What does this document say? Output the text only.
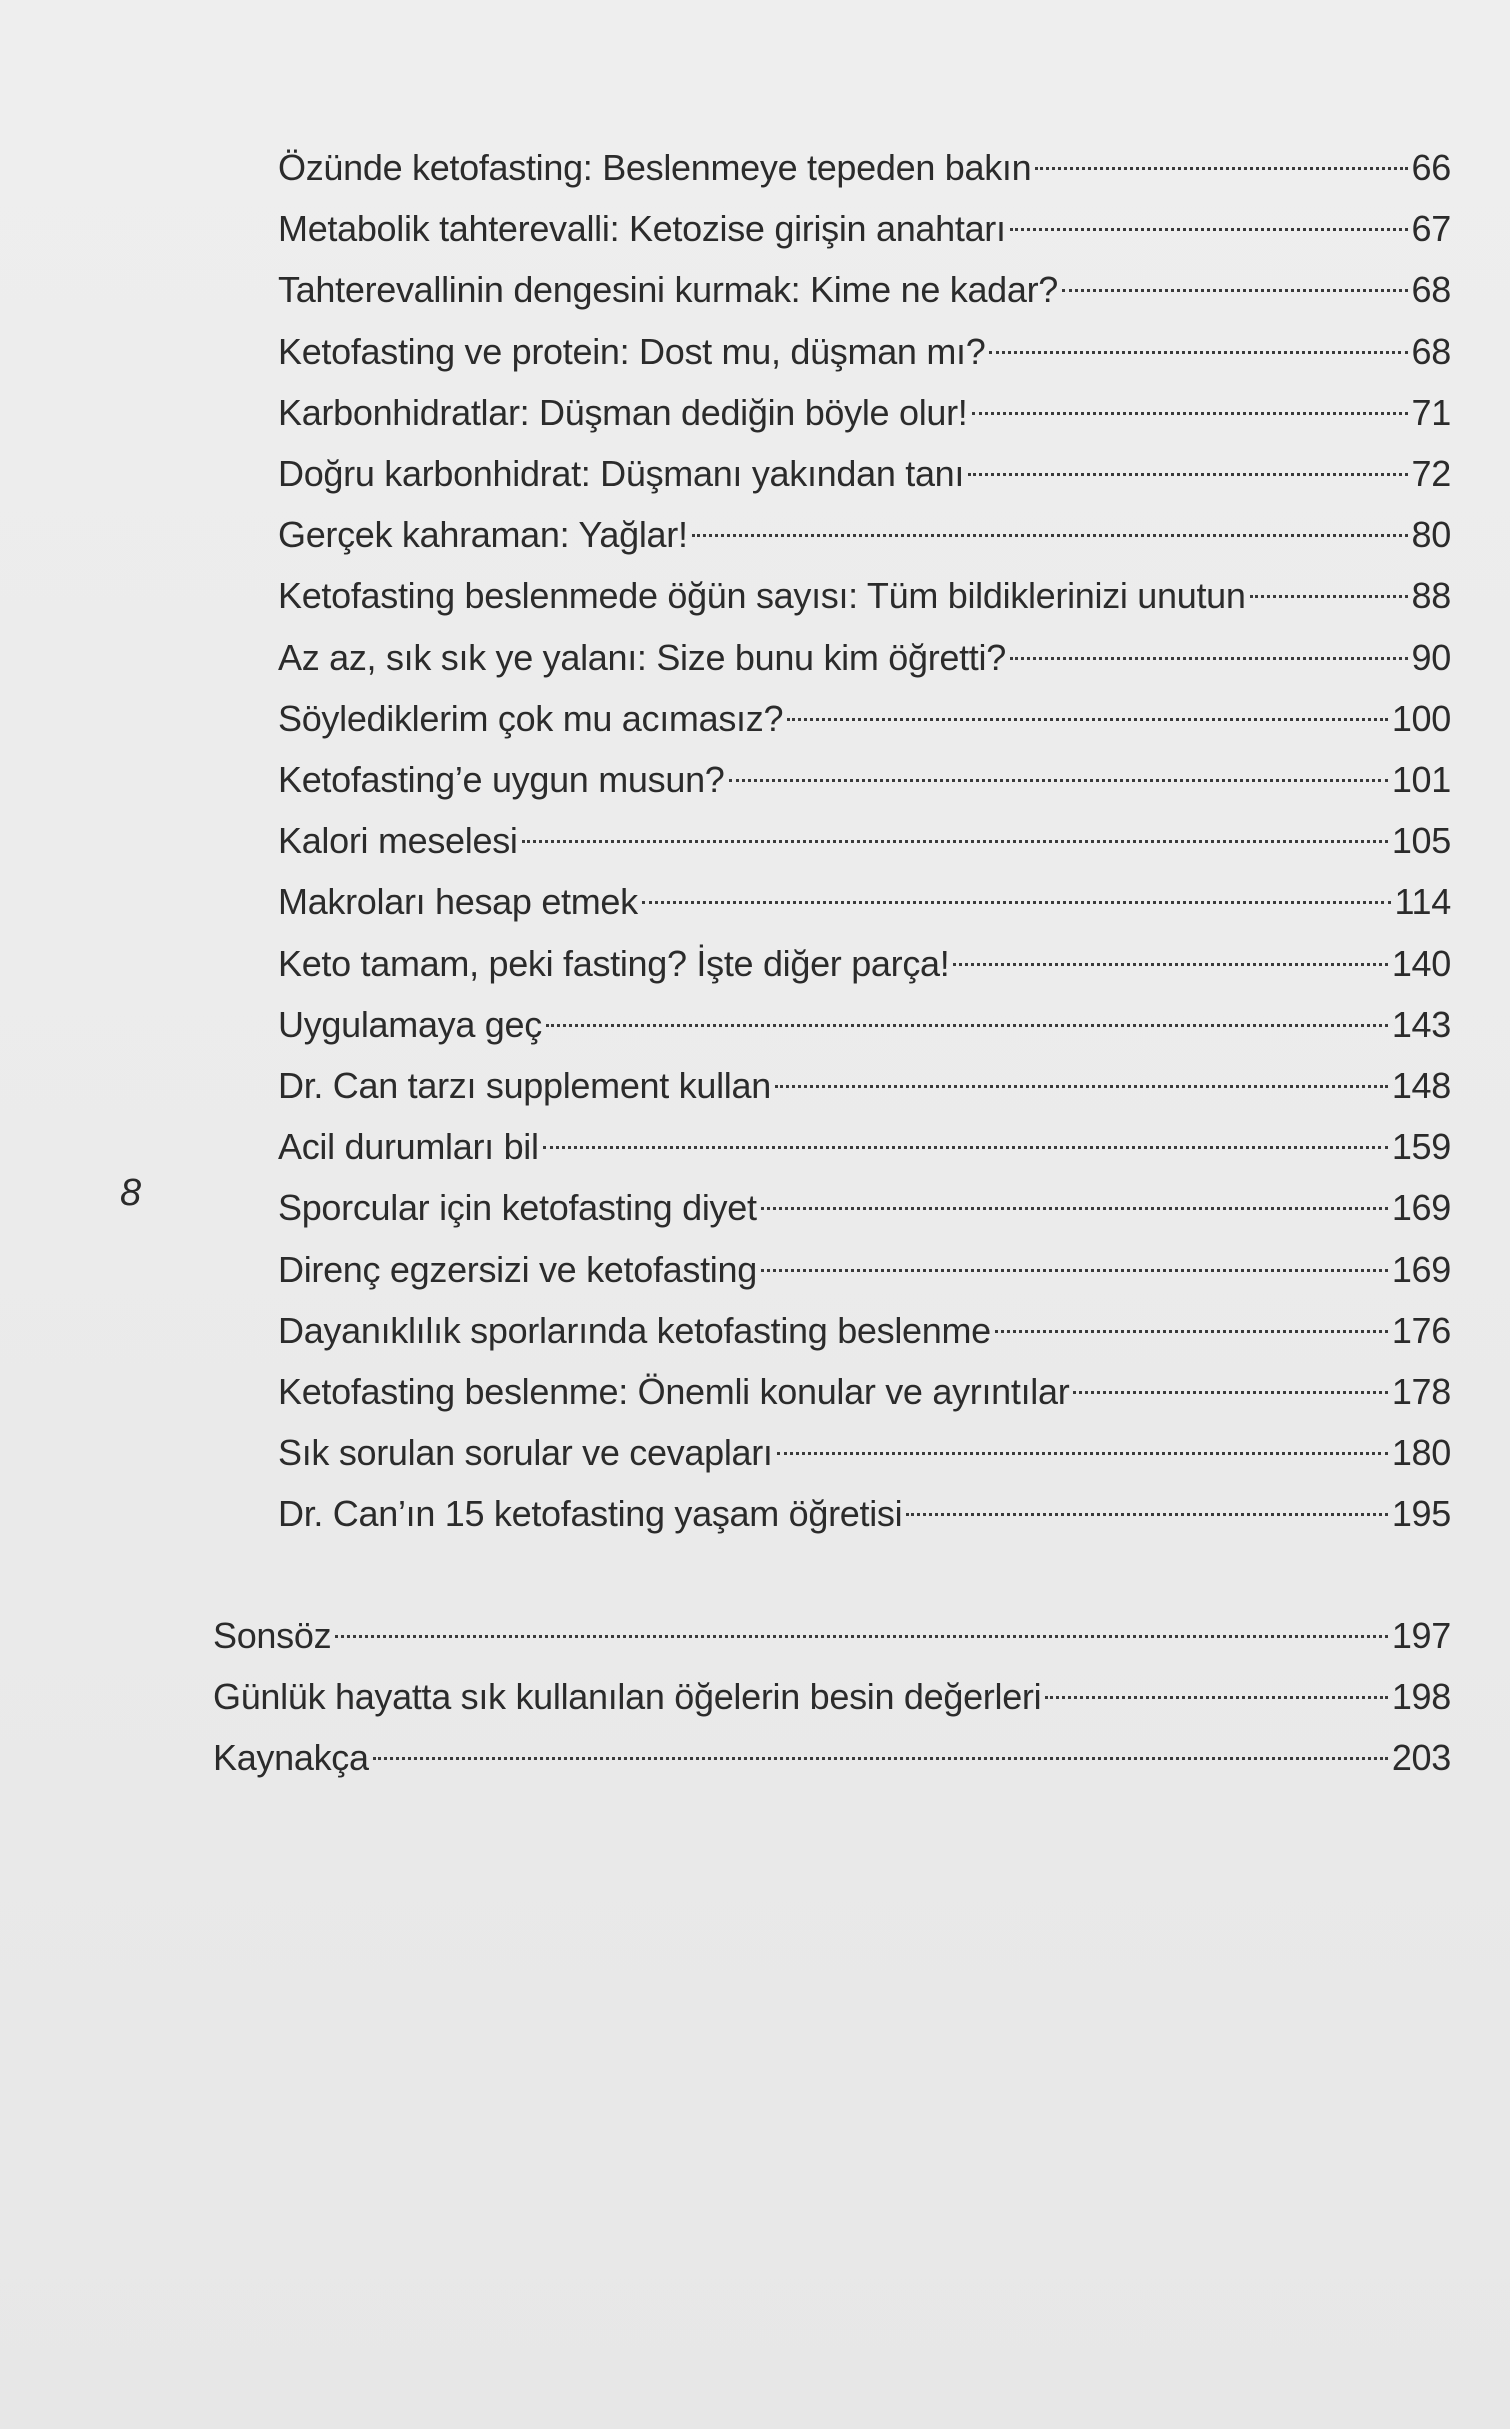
Özünde ketofasting: Beslenmeye tepeden bakın	66
Metabolik tahterevalli: Ketozise girişin anahtarı	67
Tahterevallinin dengesini kurmak: Kime ne kadar?	68
Ketofasting ve protein: Dost mu, düşman mı?	68
Karbonhidratlar: Düşman dediğin böyle olur!	71
Doğru karbonhidrat: Düşmanı yakından tanı	72
Gerçek kahraman: Yağlar!	80
Ketofasting beslenmede öğün sayısı: Tüm bildiklerinizi unutun	88
Az az, sık sık ye yalanı: Size bunu kim öğretti?	90
Söylediklerim çok mu acımasız?	100
Ketofasting’e uygun musun?	101
Kalori meselesi	105
Makroları hesap etmek	114
Keto tamam, peki fasting? İşte diğer parça!	140
Uygulamaya geç	143
Dr. Can tarzı supplement kullan	148
Acil durumları bil	159
Sporcular için ketofasting diyet	169
Direnç egzersizi ve ketofasting	169
Dayanıklılık sporlarında ketofasting beslenme	176
Ketofasting beslenme: Önemli konular ve ayrıntılar	178
Sık sorulan sorular ve cevapları	180
Dr. Can’ın 15 ketofasting yaşam öğretisi	195
Sonsöz	197
Günlük hayatta sık kullanılan öğelerin besin değerleri	198
Kaynakça	203
8
